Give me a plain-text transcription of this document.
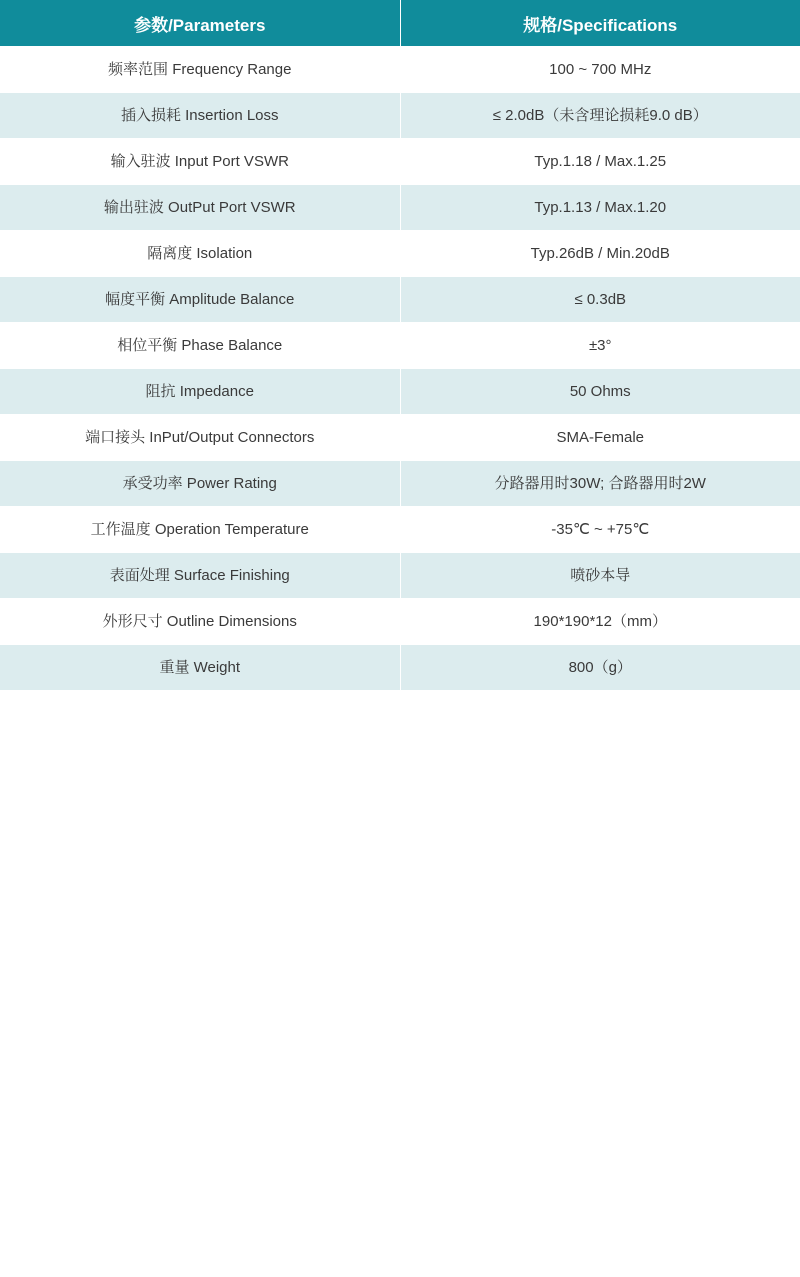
参数/Parameters	规格/Specifications
频率范围 Frequency Range	100 ~ 700 MHz
插入损耗 Insertion Loss	≤ 2.0dB（未含理论损耗9.0 dB）
输入驻波 Input Port VSWR	Typ.1.18 / Max.1.25
输出驻波 OutPut Port VSWR	Typ.1.13 / Max.1.20
隔离度 Isolation	Typ.26dB / Min.20dB
幅度平衡 Amplitude Balance	≤ 0.3dB
相位平衡 Phase Balance	±3°
阻抗 Impedance	50 Ohms
端口接头 InPut/Output Connectors	SMA-Female
承受功率 Power Rating	分路器用时30W; 合路器用时2W
工作温度 Operation Temperature	-35℃ ~ +75℃
表面处理 Surface Finishing	喷砂本导
外形尺寸 Outline Dimensions	190*190*12（mm）
重量 Weight	800（g）
